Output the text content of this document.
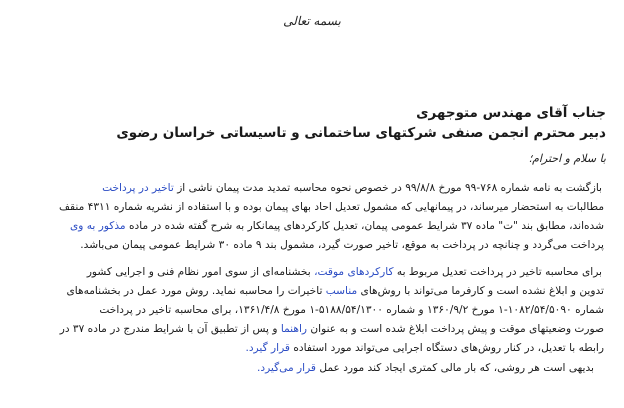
بسمه تعالی
جناب آقای مهندس متوجهری
دبیر محترم انجمن صنفی شرکتهای ساختمانی و تاسیساتی خراسان رضوی
با سلام و احترام؛
بازگشت به نامه شماره ۷۶۸-۹۹ مورخ ۹۹/۸/۸ در خصوص نحوه محاسبه تمدید مدت پیمان ناشی از تاخیر در پرداخت
مطالبات به استحضار میرساند، در پیمانهایی که مشمول تعدیل احاد بهای پیمان بوده و با استفاده از نشریه شماره ۴۳۱۱ منقف
شده‌اند، مطابق بند "ت" ماده ۳۷ شرایط عمومی پیمان، تعدیل کارکردهای پیمانکار به شرح گفته شده در ماده مذکور به وی
پرداخت می‌گردد و چنانچه در پرداخت به موقع، تاخیر صورت گیرد، مشمول بند ۹ ماده ۳۰ شرایط عمومی پیمان می‌باشد.
برای محاسبه تاخیر در پرداخت تعدیل مربوط به کارکردهای موقت، بخشنامه‌ای از سوی امور نظام فنی و اجرایی کشور
تدوین و ابلاغ نشده است و کارفرما می‌تواند با روش‌های مناسب تاخیرات را محاسبه نماید. روش مورد عمل در بخشنامه‌های
شماره ۱۰۸۲/۵۴/۵۰۹۰-۱ مورخ ۱۳۶۰/۹/۲ و شماره ۵۱۸۸/۵۴/۱۳۰۰-۱ مورخ ۱۳۶۱/۴/۸، برای محاسبه تاخیر در پرداخت
صورت وضعیتهای موقت و پیش پرداخت ابلاغ شده است و به عنوان راهنما و پس از تطبیق آن با شرایط مندرج در ماده ۳۷ در
رابطه با تعدیل، در کنار روش‌های دستگاه اجرایی می‌تواند مورد استفاده قرار گیرد.
بدیهی است هر روشی، که بار مالی کمتری ایجاد کند مورد عمل قرار می‌گیرد.
